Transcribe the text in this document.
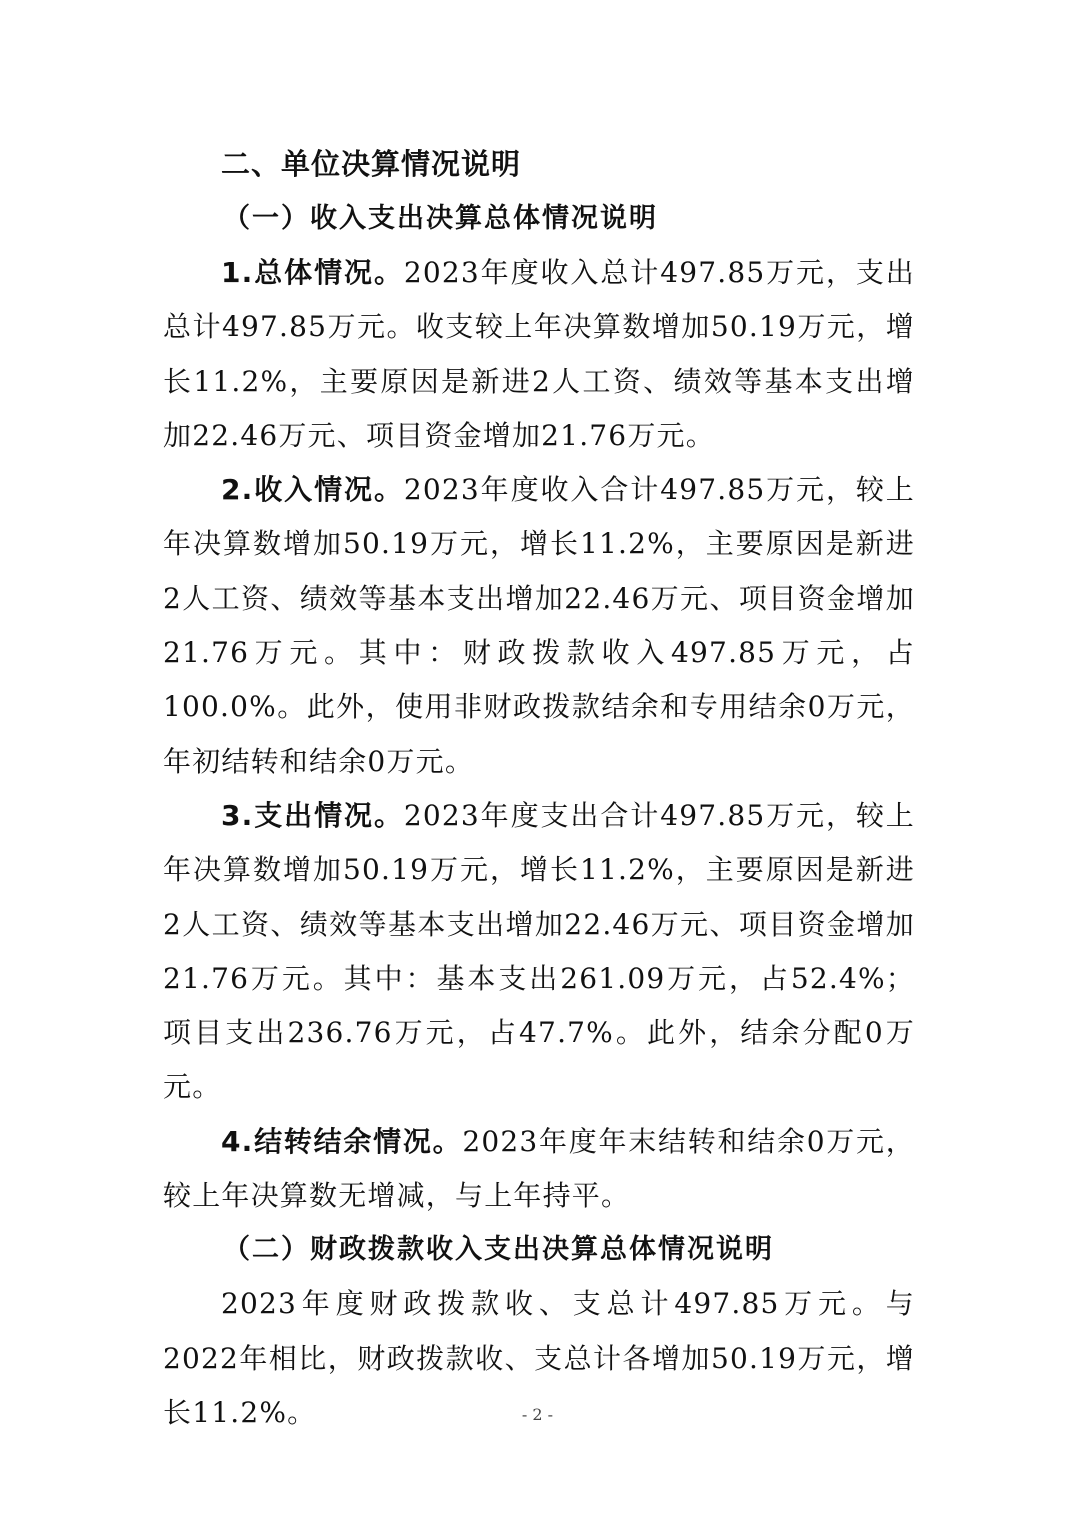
二、单位决算情况说明
（一）收入支出决算总体情况说明

1.总体情况。2023年度收入总计497.85万元，支出总计497.85万元。收支较上年决算数增加50.19万元，增长11.2%，主要原因是新进2人工资、绩效等基本支出增加22.46万元、项目资金增加21.76万元。

2.收入情况。2023年度收入合计497.85万元，较上年决算数增加50.19万元，增长11.2%，主要原因是新进2人工资、绩效等基本支出增加22.46万元、项目资金增加21.76万元。其中：财政拨款收入497.85万元，占100.0%。此外，使用非财政拨款结余和专用结余0万元，年初结转和结余0万元。

3.支出情况。2023年度支出合计497.85万元，较上年决算数增加50.19万元，增长11.2%，主要原因是新进2人工资、绩效等基本支出增加22.46万元、项目资金增加21.76万元。其中：基本支出261.09万元，占52.4%；项目支出236.76万元，占47.7%。此外，结余分配0万元。

4.结转结余情况。2023年度年末结转和结余0万元，较上年决算数无增减，与上年持平。

（二）财政拨款收入支出决算总体情况说明

2023年度财政拨款收、支总计497.85万元。与2022年相比，财政拨款收、支总计各增加50.19万元，增长11.2%。	- 2 -
